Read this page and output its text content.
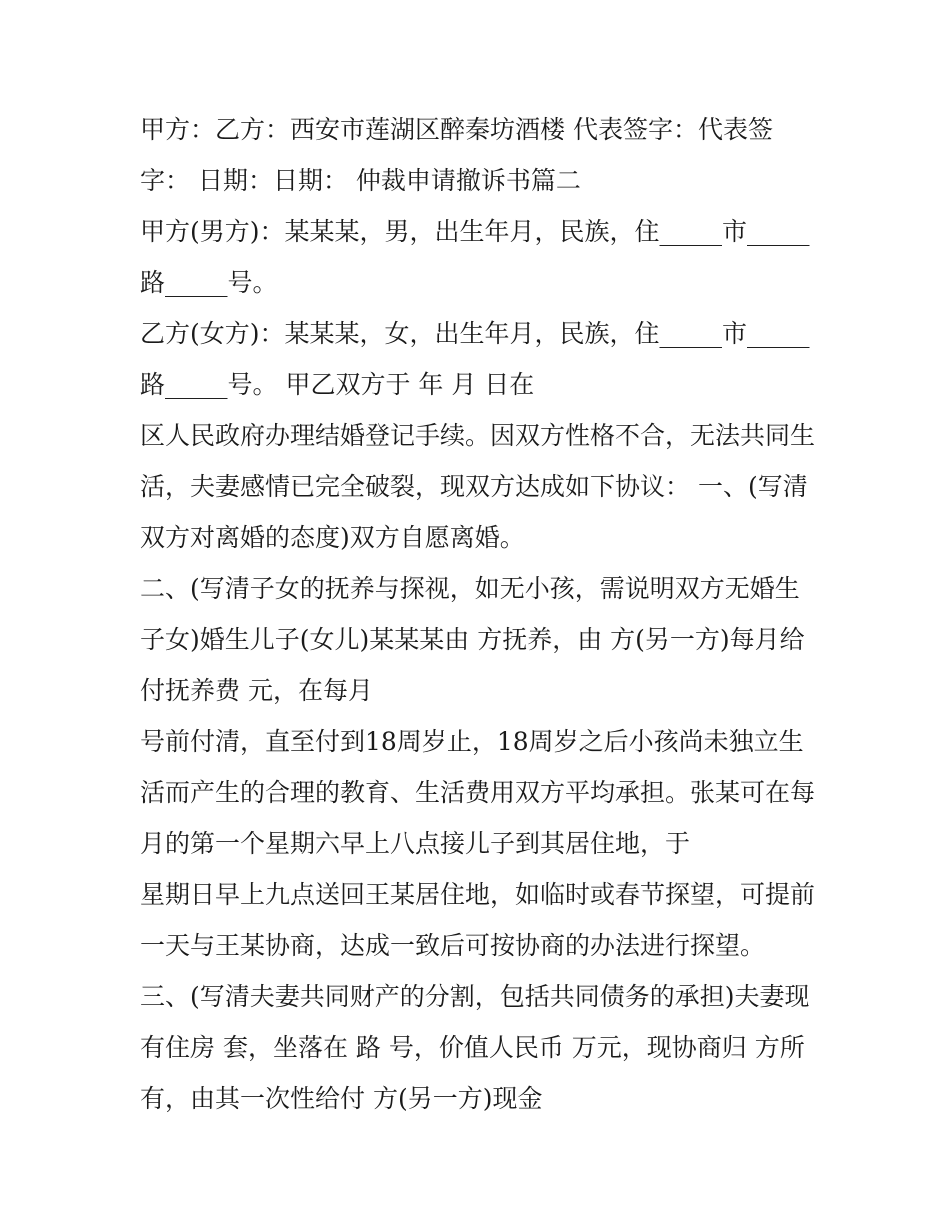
甲方：乙方：西安市莲湖区醉秦坊酒楼 代表签字：代表签
字： 日期：日期： 仲裁申请撤诉书篇二
甲方(男方)：某某某，男，出生年月，民族，住_____市_____
路_____号。
乙方(女方)：某某某，女，出生年月，民族，住_____市_____
路_____号。 甲乙双方于 年 月 日在
区人民政府办理结婚登记手续。因双方性格不合，无法共同生
活，夫妻感情已完全破裂，现双方达成如下协议： 一、(写清
双方对离婚的态度)双方自愿离婚。
二、(写清子女的抚养与探视，如无小孩，需说明双方无婚生
子女)婚生儿子(女儿)某某某由 方抚养，由 方(另一方)每月给
付抚养费 元，在每月
号前付清，直至付到18周岁止，18周岁之后小孩尚未独立生
活而产生的合理的教育、生活费用双方平均承担。张某可在每
月的第一个星期六早上八点接儿子到其居住地，于
星期日早上九点送回王某居住地，如临时或春节探望，可提前
一天与王某协商，达成一致后可按协商的办法进行探望。
三、(写清夫妻共同财产的分割，包括共同债务的承担)夫妻现
有住房 套，坐落在 路 号，价值人民币 万元，现协商归 方所
有，由其一次性给付 方(另一方)现金
